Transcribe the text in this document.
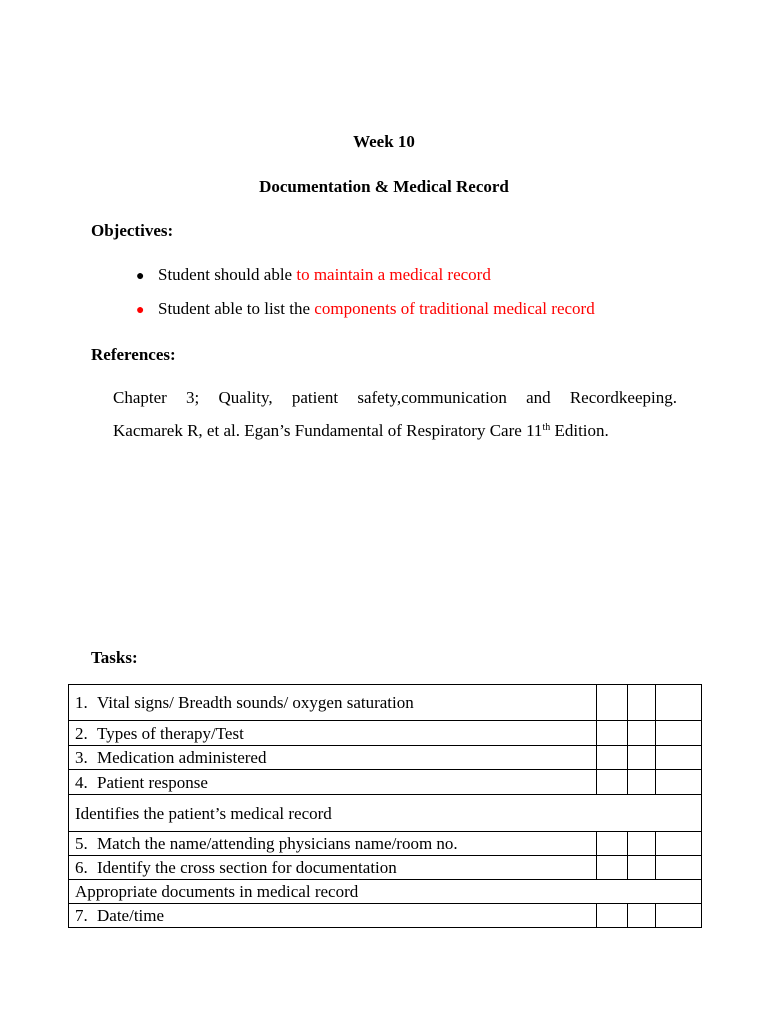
Week 10
Documentation & Medical Record
Objectives:
● Student should able to maintain a medical record
● Student able to list the components of traditional medical record
References:
Chapter 3; Quality, patient safety,communication and Recordkeeping.
Kacmarek R, et al. Egan’s Fundamental of Respiratory Care 11th Edition.
Tasks:
1. Vital signs/ Breadth sounds/ oxygen saturation			
2. Types of therapy/Test			
3. Medication administered			
4. Patient response			
Identifies the patient’s medical record			
5. Match the name/attending physicians name/room no.			
6. Identify the cross section for documentation			
Appropriate documents in medical record			
7. Date/time			
